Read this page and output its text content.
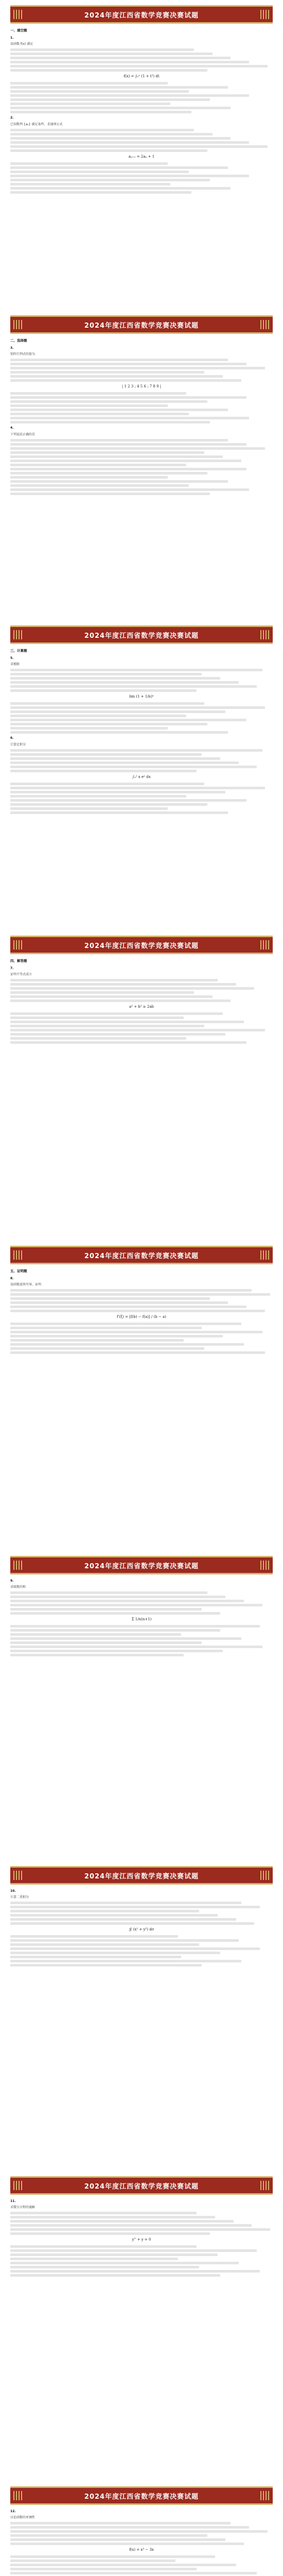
2024年度江西省数学竞赛决赛试题
一、填空题
1.

设函数 f(x) 满足

f(x) = ∫₀ˣ (1 + t²) dt
2.

已知数列 {aₙ} 满足条件，求通项公式

aₙ₊₁ = 2aₙ + 1
2024年度江西省数学竞赛决赛试题
二、选择题
3.

矩阵行列式的值为

| 1 2 3 ; 4 5 6 ; 7 8 9 |
4.

下列说法正确的是

2024年度江西省数学竞赛决赛试题
三、计算题
5.

求极限

lim (1 + 1/n)ⁿ
6.

计算定积分

∫₀¹ x eˣ dx
2024年度江西省数学竞赛决赛试题
四、解答题
7.

证明不等式成立

a² + b² ≥ 2ab
2024年度江西省数学竞赛决赛试题
五、证明题
8.

设函数连续可导，证明

f'(ξ) = [f(b) − f(a)] / (b − a)
2024年度江西省数学竞赛决赛试题
9.

求级数的和

Σ 1/n(n+1)
2024年度江西省数学竞赛决赛试题
10.

计算二重积分

∬ (x² + y²) dσ
2024年度江西省数学竞赛决赛试题
11.

求微分方程的通解

y'' + y = 0
2024年度江西省数学竞赛决赛试题
12.

讨论函数的单调性

f(x) = x³ − 3x
